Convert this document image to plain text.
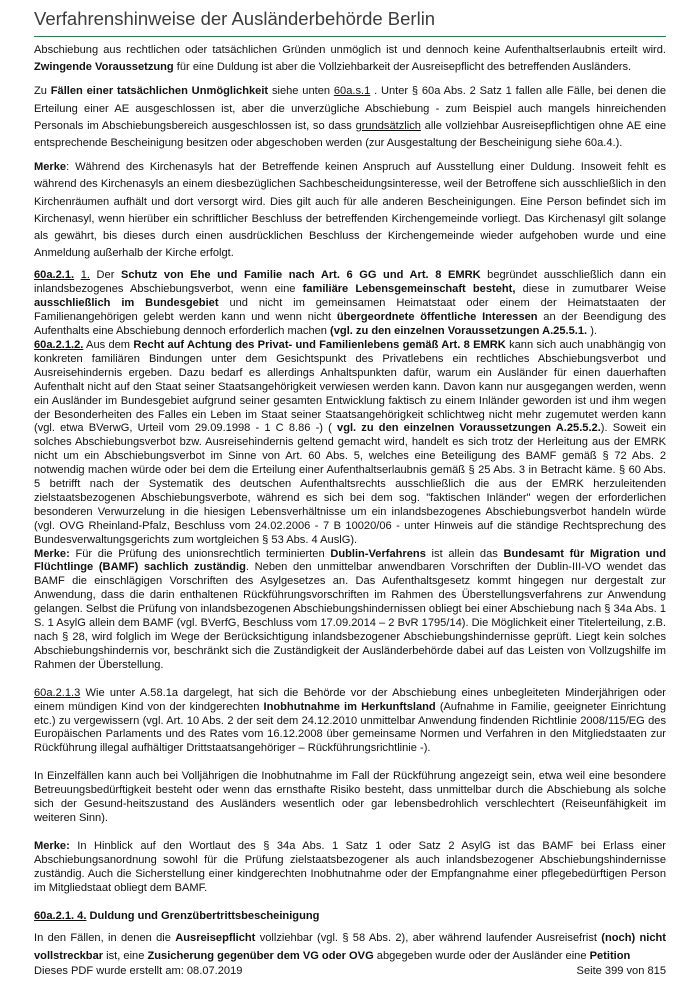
Verfahrenshinweise der Ausländerbehörde Berlin

Abschiebung aus rechtlichen oder tatsächlichen Gründen unmöglich ist und dennoch keine Aufenthaltserlaubnis erteilt wird. Zwingende Voraussetzung für eine Duldung ist aber die Vollziehbarkeit der Ausreisepflicht des betreffenden Ausländers.

Zu Fällen einer tatsächlichen Unmöglichkeit siehe unten 60a.s.1 . Unter § 60a Abs. 2 Satz 1 fallen alle Fälle, bei denen die Erteilung einer AE ausgeschlossen ist, aber die unverzügliche Abschiebung - zum Beispiel auch mangels hinreichenden Personals im Abschiebungsbereich ausgeschlossen ist, so dass grundsätzlich alle vollziehbar Ausreisepflichtigen ohne AE eine entsprechende Bescheinigung besitzen oder abgeschoben werden (zur Ausgestaltung der Bescheinigung siehe 60a.4.).

Merke: Während des Kirchenasyls hat der Betreffende keinen Anspruch auf Ausstellung einer Duldung. Insoweit fehlt es während des Kirchenasyls an einem diesbezüglichen Sachbescheidungsinteresse, weil der Betroffene sich ausschließlich in den Kirchenräumen aufhält und dort versorgt wird. Dies gilt auch für alle anderen Bescheinigungen. Eine Person befindet sich im Kirchenasyl, wenn hierüber ein schriftlicher Beschluss der betreffenden Kirchengemeinde vorliegt. Das Kirchenasyl gilt solange als gewährt, bis dieses durch einen ausdrücklichen Beschluss der Kirchengemeinde wieder aufgehoben wurde und eine Anmeldung außerhalb der Kirche erfolgt.

60a.2.1. 1. Der Schutz von Ehe und Familie nach Art. 6 GG und Art. 8 EMRK begründet ausschließlich dann ein inlandsbezogenes Abschiebungsverbot, wenn eine familiäre Lebensgemeinschaft besteht, diese in zumutbarer Weise ausschließlich im Bundesgebiet und nicht im gemeinsamen Heimatstaat oder einem der Heimatstaaten der Familienangehörigen gelebt werden kann und wenn nicht übergeordnete öffentliche Interessen an der Beendigung des Aufenthalts eine Abschiebung dennoch erforderlich machen (vgl. zu den einzelnen Voraussetzungen A.25.5.1. ).

60a.2.1.2. Aus dem Recht auf Achtung des Privat- und Familienlebens gemäß Art. 8 EMRK kann sich auch unabhängig von konkreten familiären Bindungen unter dem Gesichtspunkt des Privatlebens ein rechtliches Abschiebungsverbot und Ausreisehindernis ergeben. Dazu bedarf es allerdings Anhaltspunkten dafür, warum ein Ausländer für einen dauerhaften Aufenthalt nicht auf den Staat seiner Staatsangehörigkeit verwiesen werden kann. Davon kann nur ausgegangen werden, wenn ein Ausländer im Bundesgebiet aufgrund seiner gesamten Entwicklung faktisch zu einem Inländer geworden ist und ihm wegen der Besonderheiten des Falles ein Leben im Staat seiner Staatsangehörigkeit schlichtweg nicht mehr zugemutet werden kann (vgl. etwa BVerwG, Urteil vom 29.09.1998 - 1 C 8.86 -) ( vgl. zu den einzelnen Voraussetzungen A.25.5.2.). Soweit ein solches Abschiebungsverbot bzw. Ausreisehindernis geltend gemacht wird, handelt es sich trotz der Herleitung aus der EMRK nicht um ein Abschiebungsverbot im Sinne von Art. 60 Abs. 5, welches eine Beteiligung des BAMF gemäß § 72 Abs. 2 notwendig machen würde oder bei dem die Erteilung einer Aufenthaltserlaubnis gemäß § 25 Abs. 3 in Betracht käme. § 60 Abs. 5 betrifft nach der Systematik des deutschen Aufenthaltsrechts ausschließlich die aus der EMRK herzuleitenden zielstaatsbezogenen Abschiebungsverbote, während es sich bei dem sog. "faktischen Inländer" wegen der erforderlichen besonderen Verwurzelung in die hiesigen Lebensverhältnisse um ein inlandsbezogenes Abschiebungsverbot handeln würde (vgl. OVG Rheinland-Pfalz, Beschluss vom 24.02.2006 - 7 B 10020/06 - unter Hinweis auf die ständige Rechtsprechung des Bundesverwaltungsgerichts zum wortgleichen § 53 Abs. 4 AuslG).

Merke: Für die Prüfung des unionsrechtlich terminierten Dublin-Verfahrens ist allein das Bundesamt für Migration und Flüchtlinge (BAMF) sachlich zuständig. Neben den unmittelbar anwendbaren Vorschriften der Dublin-III-VO wendet das BAMF die einschlägigen Vorschriften des Asylgesetzes an. Das Aufenthaltsgesetz kommt hingegen nur dergestalt zur Anwendung, dass die darin enthaltenen Rückführungsvorschriften im Rahmen des Überstellungsverfahrens zur Anwendung gelangen. Selbst die Prüfung von inlandsbezogenen Abschiebungshindernissen obliegt bei einer Abschiebung nach § 34a Abs. 1 S. 1 AsylG allein dem BAMF (vgl. BVerfG, Beschluss vom 17.09.2014 – 2 BvR 1795/14). Die Möglichkeit einer Titelerteilung, z.B. nach § 28, wird folglich im Wege der Berücksichtigung inlandsbezogener Abschiebungshindernisse geprüft. Liegt kein solches Abschiebungshindernis vor, beschränkt sich die Zuständigkeit der Ausländerbehörde dabei auf das Leisten von Vollzugshilfe im Rahmen der Überstellung.

60a.2.1.3 Wie unter A.58.1a dargelegt, hat sich die Behörde vor der Abschiebung eines unbegleiteten Minderjährigen oder einem mündigen Kind von der kindgerechten Inobhutnahme im Herkunftsland (Aufnahme in Familie, geeigneter Einrichtung etc.) zu vergewissern (vgl. Art. 10 Abs. 2 der seit dem 24.12.2010 unmittelbar Anwendung findenden Richtlinie 2008/115/EG des Europäischen Parlaments und des Rates vom 16.12.2008 über gemeinsame Normen und Verfahren in den Mitgliedstaaten zur Rückführung illegal aufhältiger Drittstaatsangehöriger – Rückführungsrichtlinie -).

In Einzelfällen kann auch bei Volljährigen die Inobhutnahme im Fall der Rückführung angezeigt sein, etwa weil eine besondere Betreuungsbedürftigkeit besteht oder wenn das ernsthafte Risiko besteht, dass unmittelbar durch die Abschiebung als solche sich der Gesund-heitszustand des Ausländers wesentlich oder gar lebensbedrohlich verschlechtert (Reiseunfähigkeit im weiteren Sinn).

Merke: In Hinblick auf den Wortlaut des § 34a Abs. 1 Satz 1 oder Satz 2 AsylG ist das BAMF bei Erlass einer Abschiebungsanordnung sowohl für die Prüfung zielstaatsbezogener als auch inlandsbezogener Abschiebungshindernisse zuständig. Auch die Sicherstellung einer kindgerechten Inobhutnahme oder der Empfangnahme einer pflegebedürftigen Person im Mitgliedstaat obliegt dem BAMF.

60a.2.1. 4. Duldung und Grenzübertrittsbescheinigung

In den Fällen, in denen die Ausreisepflicht vollziehbar (vgl. § 58 Abs. 2), aber während laufender Ausreisefrist (noch) nicht vollstreckbar ist, eine Zusicherung gegenüber dem VG oder OVG abgegeben wurde oder der Ausländer eine Petition

Dieses PDF wurde erstellt am: 08.07.2019	Seite 399 von 815
